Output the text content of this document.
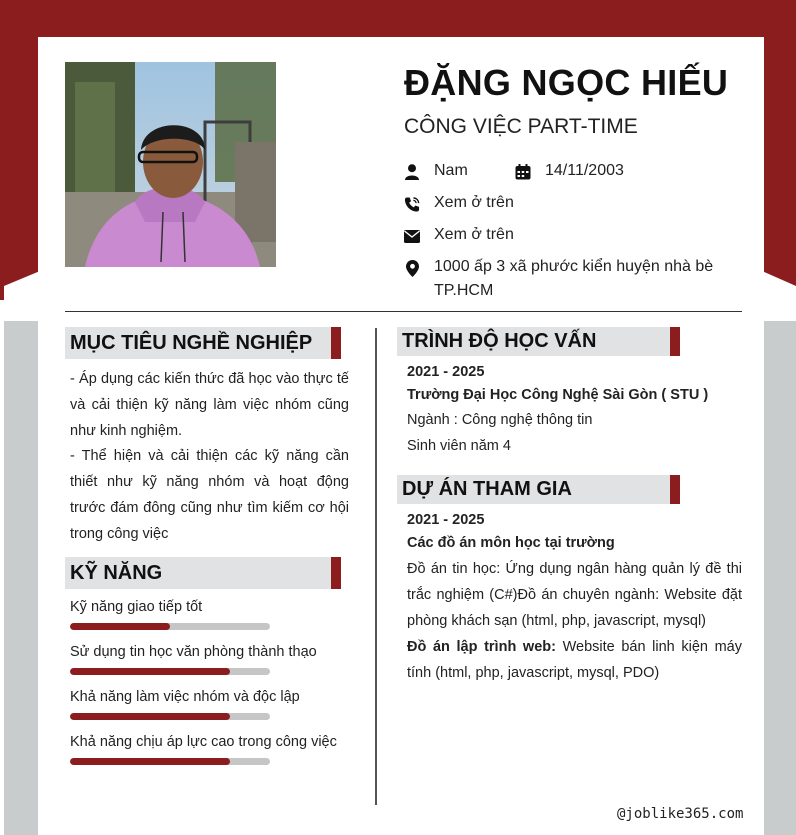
ĐẶNG NGỌC HIẾU
CÔNG VIỆC PART-TIME
Nam	14/11/2003
Xem ở trên
Xem ở trên
1000 ấp 3 xã phước kiển huyện nhà bè TP.HCM
MỤC TIÊU NGHỀ NGHIỆP
- Áp dụng các kiến thức đã học vào thực tế và cải thiện kỹ năng làm việc nhóm cũng như kinh nghiệm.
- Thể hiện và cải thiện các kỹ năng cần thiết như kỹ năng nhóm và hoạt động trước đám đông cũng như tìm kiếm cơ hội trong công việc
KỸ NĂNG
Kỹ năng giao tiếp tốt
Sử dụng tin học văn phòng thành thạo
Khả năng làm việc nhóm và độc lập
Khả năng chịu áp lực cao trong công việc
TRÌNH ĐỘ HỌC VẤN
2021 - 2025
Trường Đại Học Công Nghệ Sài Gòn ( STU )
Ngành : Công nghệ thông tin
Sinh viên năm 4
DỰ ÁN THAM GIA
2021 - 2025
Các đồ án môn học tại trường
Đồ án tin học: Ứng dụng ngân hàng quản lý đề thi trắc nghiệm (C#)Đồ án chuyên ngành: Website đặt phòng khách sạn (html, php, javascript, mysql)
Đồ án lập trình web: Website bán linh kiện máy tính (html, php, javascript, mysql, PDO)
@joblike365.com
